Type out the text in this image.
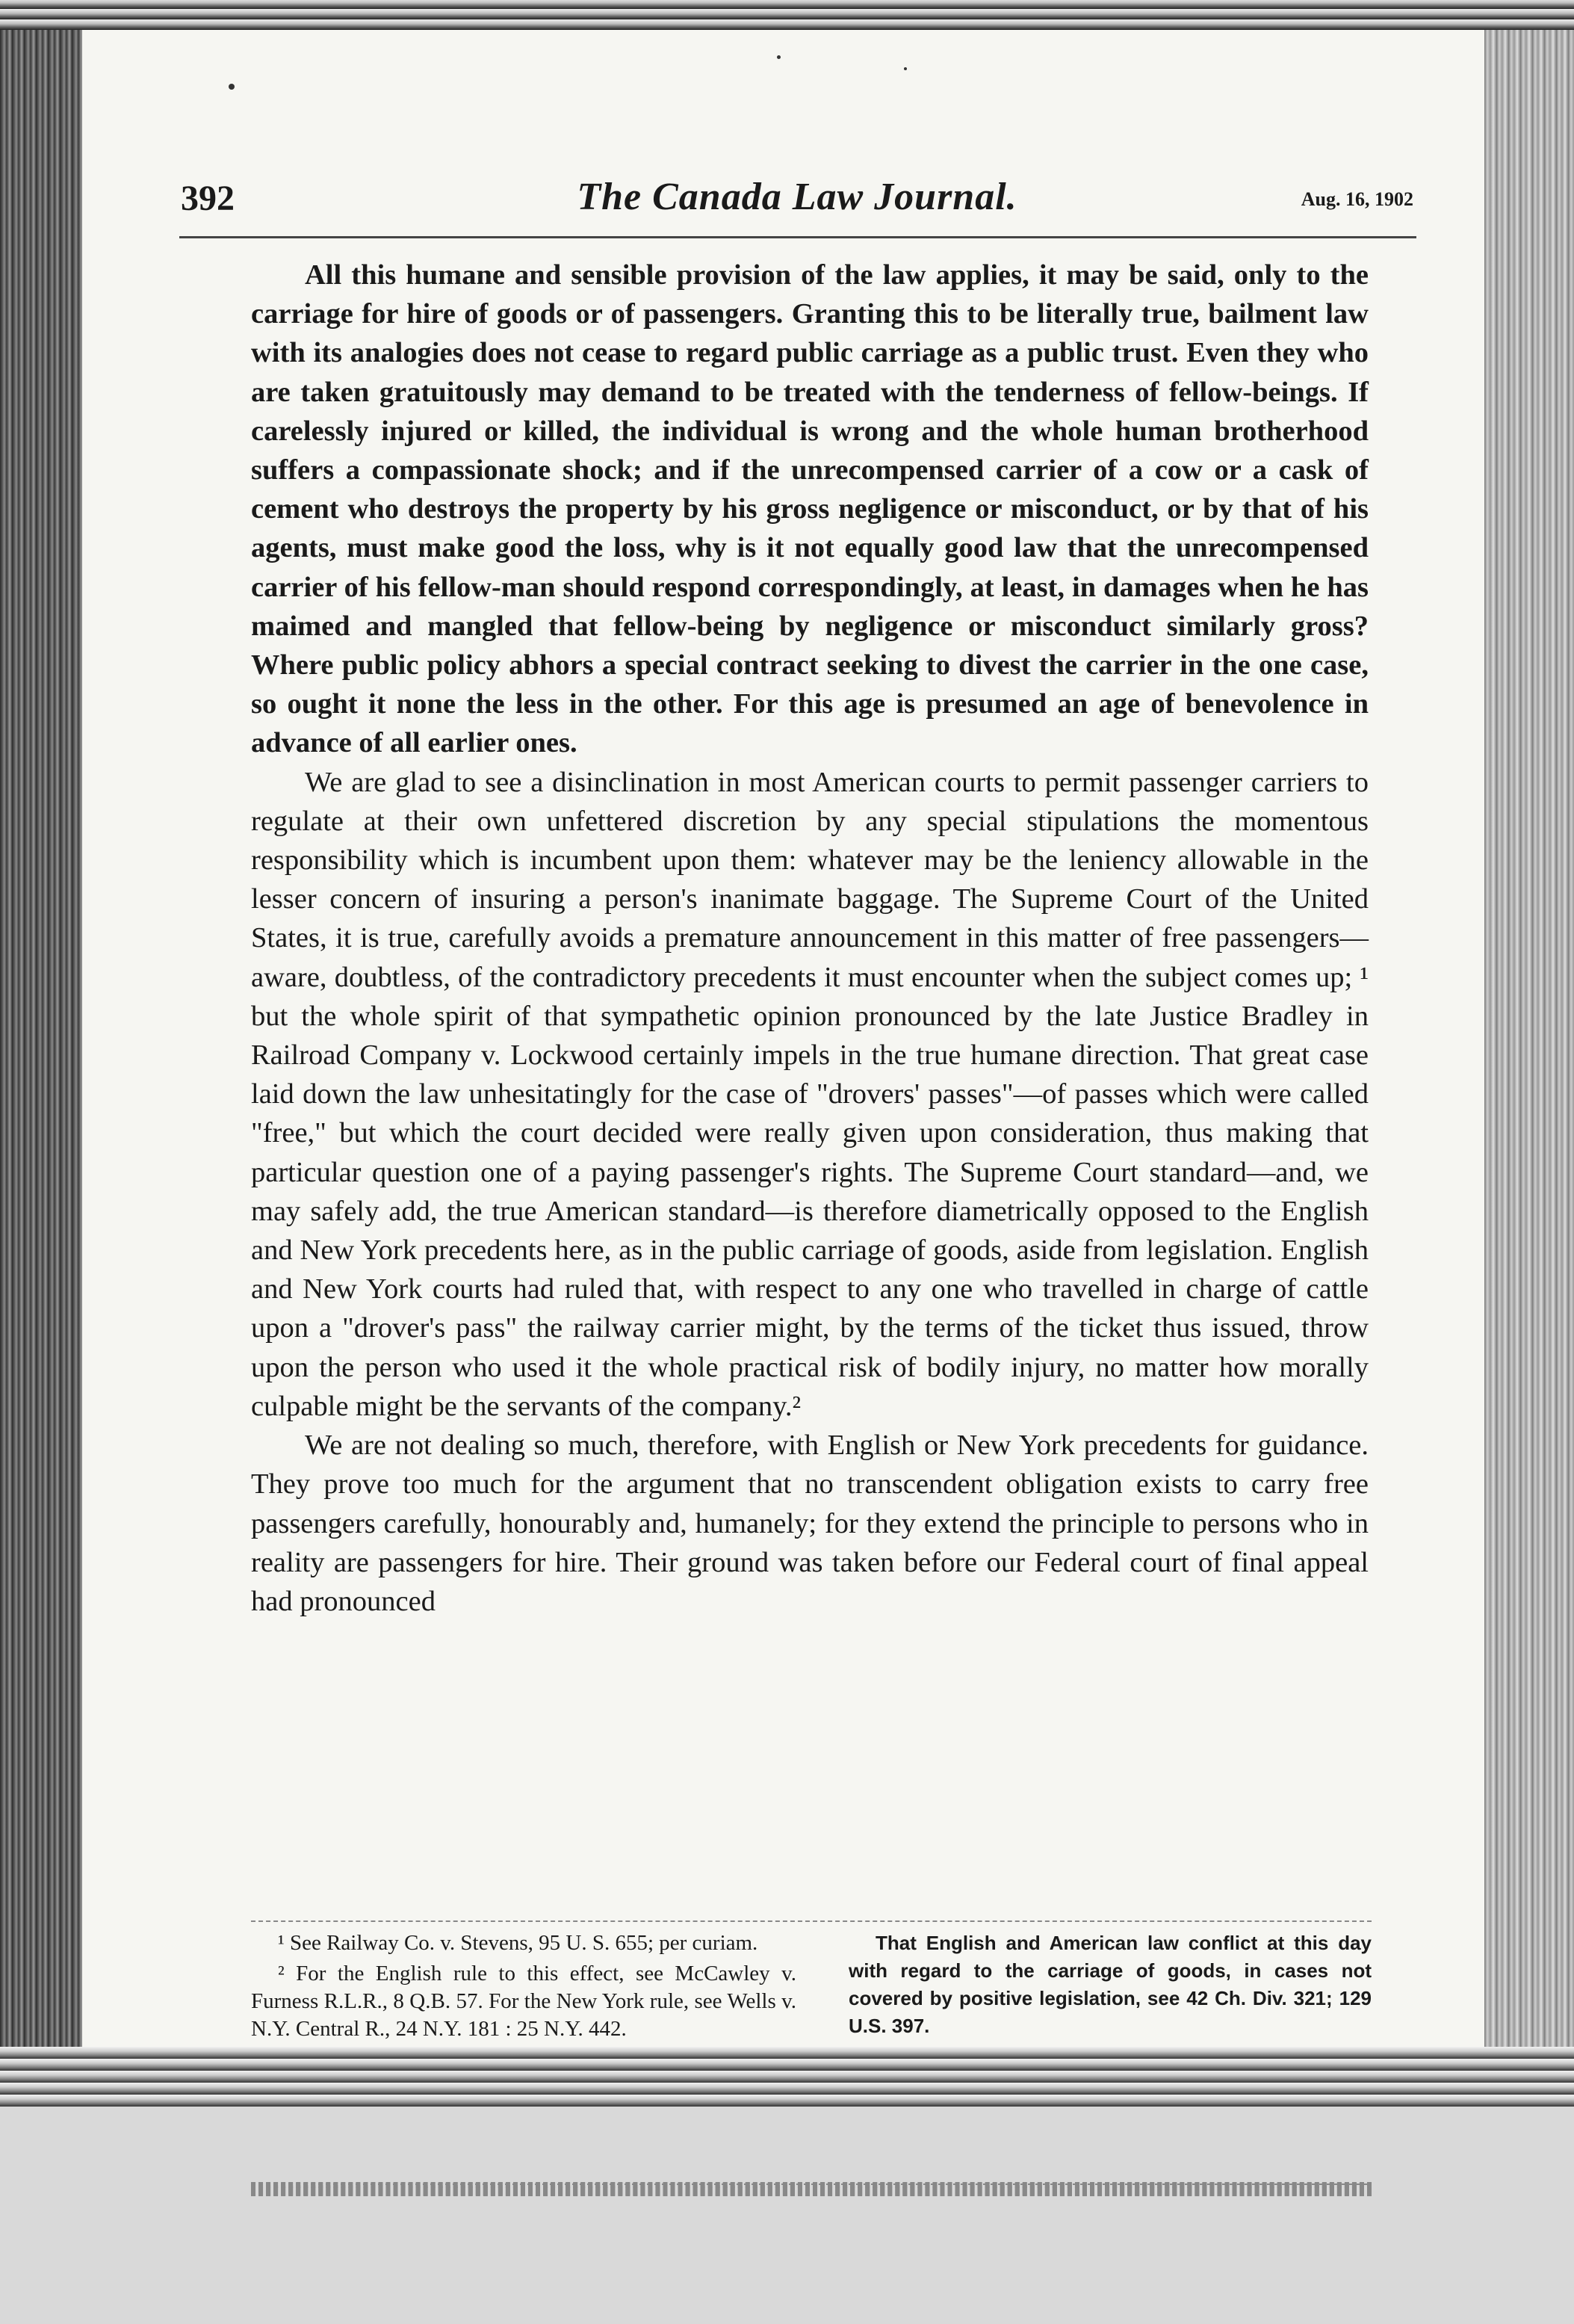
392	The Canada Law Journal.	Aug. 16, 1902

All this humane and sensible provision of the law applies, it may be said, only to the carriage for hire of goods or of passengers. Granting this to be literally true, bailment law with its analogies does not cease to regard public carriage as a public trust. Even they who are taken gratuitously may demand to be treated with the tenderness of fellow-beings. If carelessly injured or killed, the individual is wrong and the whole human brotherhood suffers a compassionate shock; and if the unrecompensed carrier of a cow or a cask of cement who destroys the property by his gross negligence or misconduct, or by that of his agents, must make good the loss, why is it not equally good law that the unrecompensed carrier of his fellow-man should respond correspondingly, at least, in damages when he has maimed and mangled that fellow-being by negligence or misconduct similarly gross? Where public policy abhors a special contract seeking to divest the carrier in the one case, so ought it none the less in the other. For this age is presumed an age of benevolence in advance of all earlier ones.

We are glad to see a disinclination in most American courts to permit passenger carriers to regulate at their own unfettered discretion by any special stipulations the momentous responsibility which is incumbent upon them: whatever may be the leniency allowable in the lesser concern of insuring a person's inanimate baggage. The Supreme Court of the United States, it is true, carefully avoids a premature announcement in this matter of free passengers—aware, doubtless, of the contradictory precedents it must encounter when the subject comes up; ¹ but the whole spirit of that sympathetic opinion pronounced by the late Justice Bradley in Railroad Company v. Lockwood certainly impels in the true humane direction. That great case laid down the law unhesitatingly for the case of "drovers' passes"—of passes which were called "free," but which the court decided were really given upon consideration, thus making that particular question one of a paying passenger's rights. The Supreme Court standard—and, we may safely add, the true American standard—is therefore diametrically opposed to the English and New York precedents here, as in the public carriage of goods, aside from legislation. English and New York courts had ruled that, with respect to any one who travelled in charge of cattle upon a "drover's pass" the railway carrier might, by the terms of the ticket thus issued, throw upon the person who used it the whole practical risk of bodily injury, no matter how morally culpable might be the servants of the company.²

We are not dealing so much, therefore, with English or New York precedents for guidance. They prove too much for the argument that no transcendent obligation exists to carry free passengers carefully, honourably and, humanely; for they extend the principle to persons who in reality are passengers for hire. Their ground was taken before our Federal court of final appeal had pronounced

¹ See Railway Co. v. Stevens, 95 U. S. 655; per curiam.

² For the English rule to this effect, see McCawley v. Furness R.L.R., 8 Q.B. 57. For the New York rule, see Wells v. N.Y. Central R., 24 N.Y. 181 : 25 N.Y. 442.

That English and American law conflict at this day with regard to the carriage of goods, in cases not covered by positive legislation, see 42 Ch. Div. 321; 129 U.S. 397.
